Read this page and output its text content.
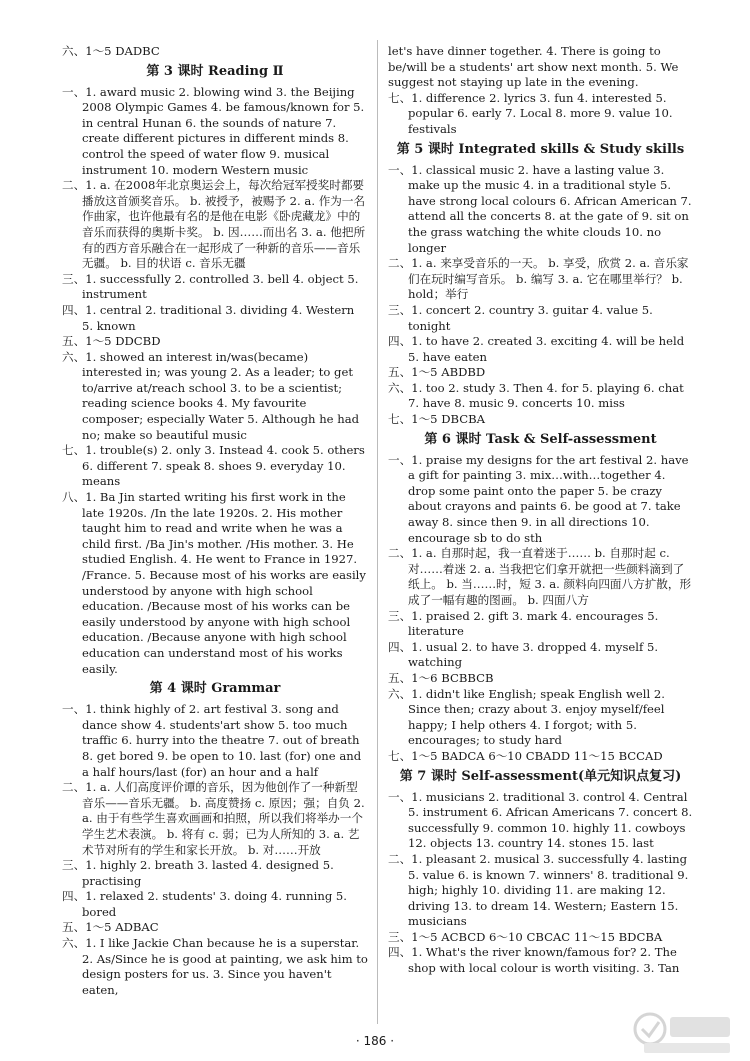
六、1～5 DADBC
第 3 课时 Reading Ⅱ
一、1. award music 2. blowing wind 3. the Beijing 2008 Olympic Games 4. be famous/known for 5. in central Hunan 6. the sounds of nature 7. create different pictures in different minds 8. control the speed of water flow 9. musical instrument 10. modern Western music
二、1. a. 在2008年北京奥运会上，每次给冠军授奖时都要播放这首颁奖音乐。 b. 被授予，被赐予 2. a. 作为一名作曲家，也许他最有名的是他在电影《卧虎藏龙》中的音乐而获得的奥斯卡奖。 b. 因……而出名 3. a. 他把所有的西方音乐融合在一起形成了一种新的音乐——音乐无疆。 b. 目的状语 c. 音乐无疆
三、1. successfully 2. controlled 3. bell 4. object 5. instrument
四、1. central 2. traditional 3. dividing 4. Western 5. known
五、1～5 DDCBD
六、1. showed an interest in/was(became) interested in; was young 2. As a leader; to get to/arrive at/reach school 3. to be a scientist; reading science books 4. My favourite composer; especially Water 5. Although he had no; make so beautiful music
七、1. trouble(s) 2. only 3. Instead 4. cook 5. others 6. different 7. speak 8. shoes 9. everyday 10. means
八、1. Ba Jin started writing his first work in the late 1920s. /In the late 1920s. 2. His mother taught him to read and write when he was a child first. /Ba Jin's mother. /His mother. 3. He studied English. 4. He went to France in 1927. /France. 5. Because most of his works are easily understood by anyone with high school education. /Because most of his works can be easily understood by anyone with high school education. /Because anyone with high school education can understand most of his works easily.
第 4 课时 Grammar
一、1. think highly of 2. art festival 3. song and dance show 4. students'art show 5. too much traffic 6. hurry into the theatre 7. out of breath 8. get bored 9. be open to 10. last (for) one and a half hours/last (for) an hour and a half
二、1. a. 人们高度评价谭的音乐，因为他创作了一种新型音乐——音乐无疆。 b. 高度赞扬 c. 原因；强；自负 2. a. 由于有些学生喜欢画画和拍照，所以我们将举办一个学生艺术表演。 b. 将有 c. 弱；已为人所知的 3. a. 艺术节对所有的学生和家长开放。 b. 对……开放
三、1. highly 2. breath 3. lasted 4. designed 5. practising
四、1. relaxed 2. students' 3. doing 4. running 5. bored
五、1～5 ADBAC
六、1. I like Jackie Chan because he is a superstar. 2. As/Since he is good at painting, we ask him to design posters for us. 3. Since you haven't eaten,
let's have dinner together. 4. There is going to be/will be a students' art show next month. 5. We suggest not staying up late in the evening.
七、1. difference 2. lyrics 3. fun 4. interested 5. popular 6. early 7. Local 8. more 9. value 10. festivals
第 5 课时 Integrated skills & Study skills
一、1. classical music 2. have a lasting value 3. make up the music 4. in a traditional style 5. have strong local colours 6. African American 7. attend all the concerts 8. at the gate of 9. sit on the grass watching the white clouds 10. no longer
二、1. a. 来享受音乐的一天。 b. 享受，欣赏 2. a. 音乐家们在玩时编写音乐。 b. 编写 3. a. 它在哪里举行？ b. hold；举行
三、1. concert 2. country 3. guitar 4. value 5. tonight
四、1. to have 2. created 3. exciting 4. will be held 5. have eaten
五、1～5 ABDBD
六、1. too 2. study 3. Then 4. for 5. playing 6. chat 7. have 8. music 9. concerts 10. miss
七、1～5 DBCBA
第 6 课时 Task & Self-assessment
一、1. praise my designs for the art festival 2. have a gift for painting 3. mix…with…together 4. drop some paint onto the paper 5. be crazy about crayons and paints 6. be good at 7. take away 8. since then 9. in all directions 10. encourage sb to do sth
二、1. a. 自那时起，我一直着迷于…… b. 自那时起 c. 对……着迷 2. a. 当我把它们拿开就把一些颜料滴到了纸上。 b. 当……时，短 3. a. 颜料向四面八方扩散，形成了一幅有趣的图画。 b. 四面八方
三、1. praised 2. gift 3. mark 4. encourages 5. literature
四、1. usual 2. to have 3. dropped 4. myself 5. watching
五、1～6 BCBBCB
六、1. didn't like English; speak English well 2. Since then; crazy about 3. enjoy myself/feel happy; I help others 4. I forgot; with 5. encourages; to study hard
七、1～5 BADCA 6～10 CBADD 11～15 BCCAD
第 7 课时 Self-assessment(单元知识点复习)
一、1. musicians 2. traditional 3. control 4. Central 5. instrument 6. African Americans 7. concert 8. successfully 9. common 10. highly 11. cowboys 12. objects 13. country 14. stones 15. last
二、1. pleasant 2. musical 3. successfully 4. lasting 5. value 6. is known 7. winners' 8. traditional 9. high; highly 10. dividing 11. are making 12. driving 13. to dream 14. Western; Eastern 15. musicians
三、1～5 ACBCD 6～10 CBCAC 11～15 BDCBA
四、1. What's the river known/famous for? 2. The shop with local colour is worth visiting. 3. Tan
· 186 ·
